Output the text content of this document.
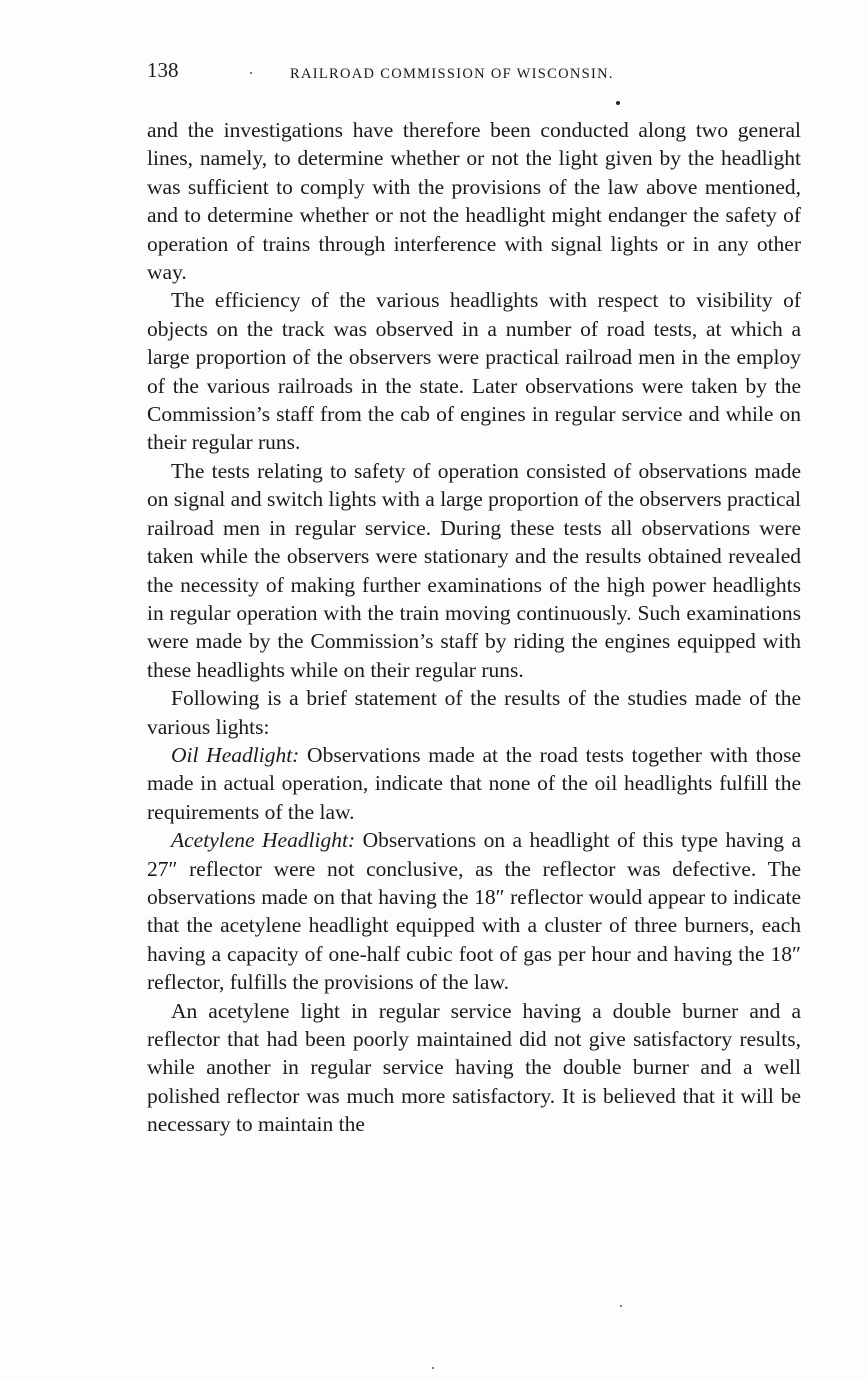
138	RAILROAD COMMISSION OF WISCONSIN.

and the investigations have therefore been conducted along two general lines, namely, to determine whether or not the light given by the headlight was sufficient to comply with the provisions of the law above mentioned, and to determine whether or not the headlight might endanger the safety of operation of trains through interference with signal lights or in any other way.

The efficiency of the various headlights with respect to visibility of objects on the track was observed in a number of road tests, at which a large proportion of the observers were practical railroad men in the employ of the various railroads in the state. Later observations were taken by the Commission’s staff from the cab of engines in regular service and while on their regular runs.

The tests relating to safety of operation consisted of observations made on signal and switch lights with a large proportion of the observers practical railroad men in regular service. During these tests all observations were taken while the observers were stationary and the results obtained revealed the necessity of making further examinations of the high power headlights in regular operation with the train moving continuously. Such examinations were made by the Commission’s staff by riding the engines equipped with these headlights while on their regular runs.

Following is a brief statement of the results of the studies made of the various lights:

Oil Headlight: Observations made at the road tests together with those made in actual operation, indicate that none of the oil headlights fulfill the requirements of the law.

Acetylene Headlight: Observations on a headlight of this type having a 27″ reflector were not conclusive, as the reflector was defective. The observations made on that having the 18″ reflector would appear to indicate that the acetylene headlight equipped with a cluster of three burners, each having a capacity of one-half cubic foot of gas per hour and having the 18″ reflector, fulfills the provisions of the law.

An acetylene light in regular service having a double burner and a reflector that had been poorly maintained did not give satisfactory results, while another in regular service having the double burner and a well polished reflector was much more satisfactory. It is believed that it will be necessary to maintain the
